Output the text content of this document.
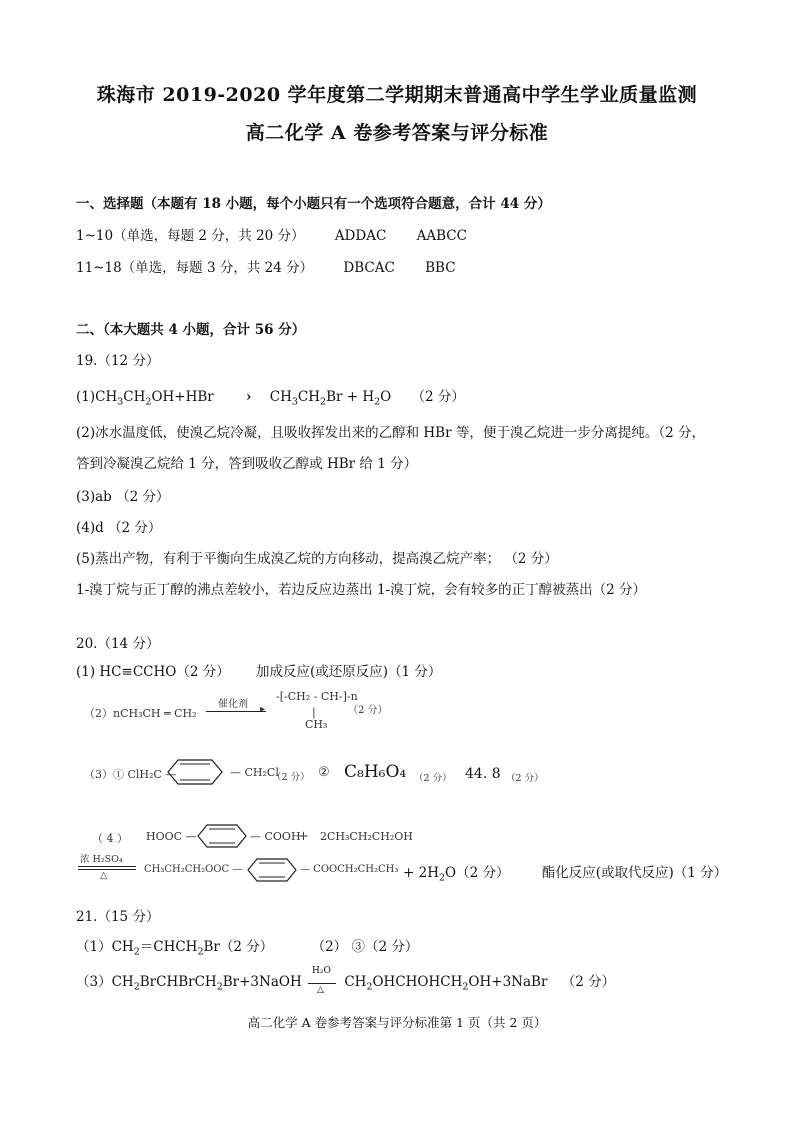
珠海市 2019-2020 学年度第二学期期末普通高中学生学业质量监测
高二化学 A 卷参考答案与评分标准
一、选择题（本题有 18 小题，每个小题只有一个选项符合题意，合计 44 分）
1~10（单选，每题 2 分，共 20 分） ADDAC AABCC
11~18（单选，每题 3 分，共 24 分） DBCAC BBC
二、（本大题共 4 小题，合计 56 分）
19.（12 分）
$(1)CH_3CH_2OH+HBr$ › $CH_3CH_2Br + H_2O$ （2 分）
(2)冰水温度低，使溴乙烷冷凝，且吸收挥发出来的乙醇和 HBr 等，便于溴乙烷进一步分离提纯。（2 分，
答到冷凝溴乙烷给 1 分，答到吸收乙醇或 HBr 给 1 分）
(3)ab （2 分）
(4)d （2 分）
(5)蒸出产物，有利于平衡向生成溴乙烷的方向移动，提高溴乙烷产率； （2 分）
1-溴丁烷与正丁醇的沸点差较小，若边反应边蒸出 1-溴丁烷，会有较多的正丁醇被蒸出（2 分）
20.（14 分）
(1) HC≡CCHO（2 分） 加成反应(或还原反应)（1 分）
（2）nCH₃CH ═ CH₂
催化剂 ▸
-[-CH₂ - CH-]-n
|
CH₃
（2 分）
（3）① ClH₂C —	— CH₂Cl
（2 分） ② C₈H₆O₄ （2 分） 44. 8 （2 分）
（ 4 ） HOOC —	— COOH
+ 2CH₃CH₂CH₂OH
浓 H₂SO₄
△
CH₃CH₂CH₂OOC —	— COOCH₂CH₂CH₃ + $2H_2O(2$ 分） 酯化反应(或取代反应)（1 分）
21.（15 分）
$(1)CH_2=CHCH_2Br(2$ 分）	（2） ③（2 分）
$(3)CH_2BrCHBrCH_2Br+3NaOH$
H₂O
△ $CH_2OHCHOHCH_2OH+3NaBr$ （2 分）
高二化学 A 卷参考答案与评分标准第 1 页（共 2 页）
